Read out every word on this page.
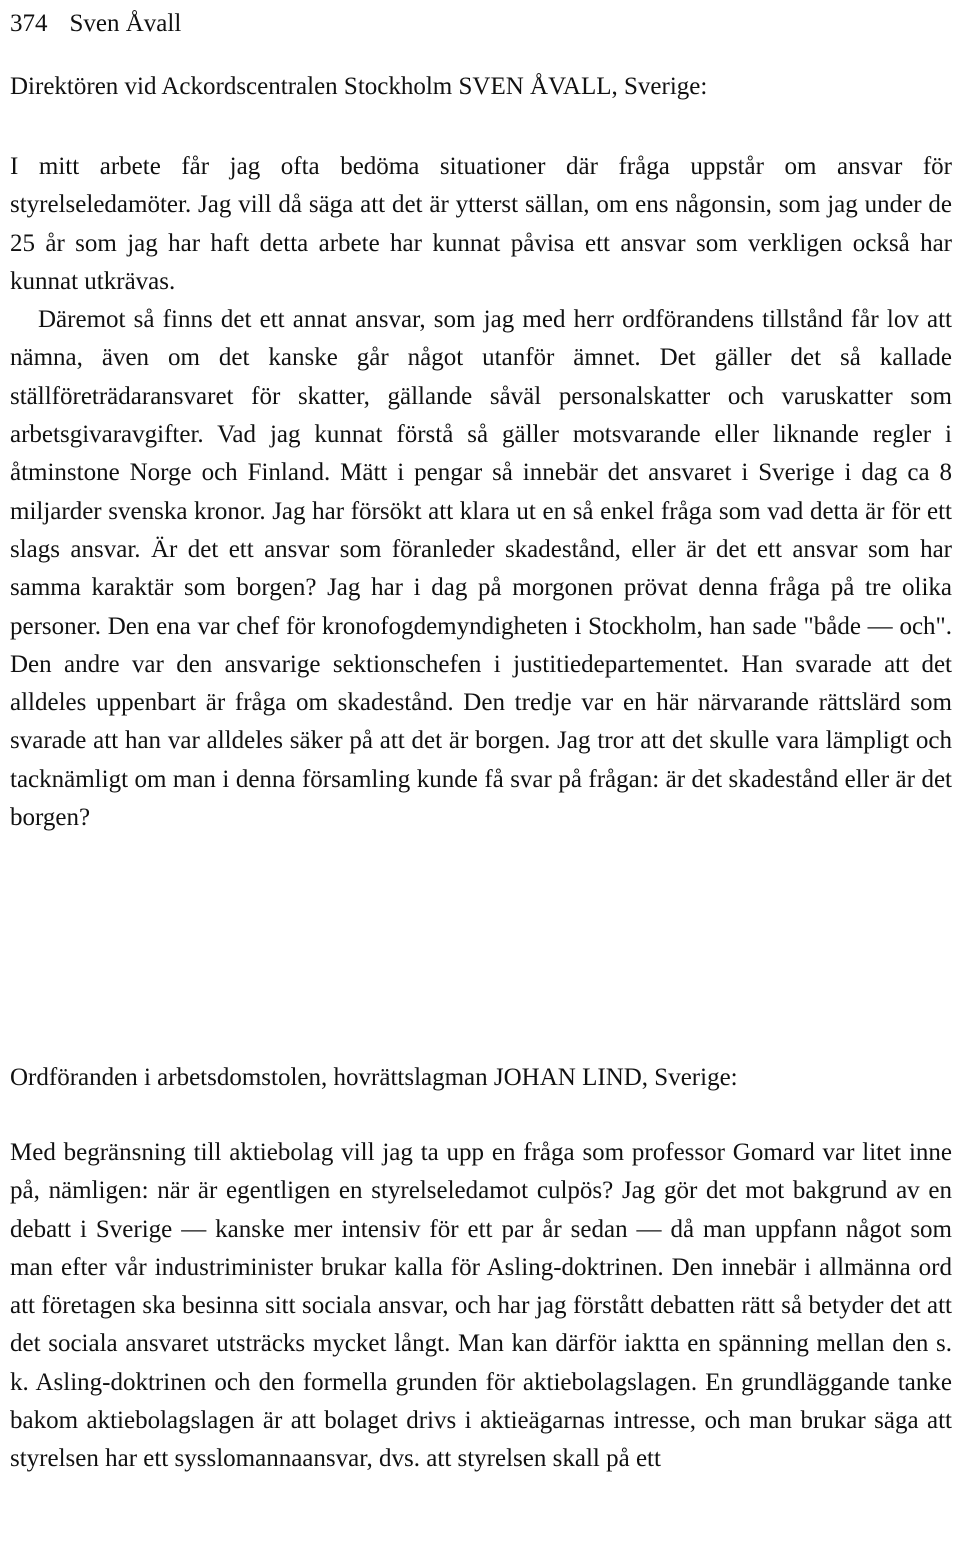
374 Sven Åvall
Direktören vid Ackordscentralen Stockholm SVEN ÅVALL, Sverige:

I mitt arbete får jag ofta bedöma situationer där fråga uppstår om ansvar för styrelseledamöter. Jag vill då säga att det är ytterst sällan, om ens någonsin, som jag under de 25 år som jag har haft detta arbete har kunnat påvisa ett ansvar som verkligen också har kunnat utkrävas.

Däremot så finns det ett annat ansvar, som jag med herr ordförandens tillstånd får lov att nämna, även om det kanske går något utanför ämnet. Det gäller det så kallade ställföreträdaransvaret för skatter, gällande såväl personalskatter och varuskatter som arbetsgivaravgifter. Vad jag kunnat förstå så gäller motsvarande eller liknande regler i åtminstone Norge och Finland. Mätt i pengar så innebär det ansvaret i Sverige i dag ca 8 miljarder svenska kronor. Jag har försökt att klara ut en så enkel fråga som vad detta är för ett slags ansvar. Är det ett ansvar som föranleder skadestånd, eller är det ett ansvar som har samma karaktär som borgen? Jag har i dag på morgonen prövat denna fråga på tre olika personer. Den ena var chef för kronofogdemyndigheten i Stockholm, han sade "både — och". Den andre var den ansvarige sektionschefen i justitiedepartementet. Han svarade att det alldeles uppenbart är fråga om skadestånd. Den tredje var en här närvarande rättslärd som svarade att han var alldeles säker på att det är borgen. Jag tror att det skulle vara lämpligt och tacknämligt om man i denna församling kunde få svar på frågan: är det skadestånd eller är det borgen?

Ordföranden i arbetsdomstolen, hovrättslagman JOHAN LIND, Sverige:

Med begränsning till aktiebolag vill jag ta upp en fråga som professor Gomard var litet inne på, nämligen: när är egentligen en styrelseledamot culpös? Jag gör det mot bakgrund av en debatt i Sverige — kanske mer intensiv för ett par år sedan — då man uppfann något som man efter vår industriminister brukar kalla för Asling-doktrinen. Den innebär i allmänna ord att företagen ska besinna sitt sociala ansvar, och har jag förstått debatten rätt så betyder det att det sociala ansvaret utsträcks mycket långt. Man kan därför iaktta en spänning mellan den s. k. Asling-doktrinen och den formella grunden för aktiebolagslagen. En grundläggande tanke bakom aktiebolagslagen är att bolaget drivs i aktieägarnas intresse, och man brukar säga att styrelsen har ett sysslomannaansvar, dvs. att styrelsen skall på ett
